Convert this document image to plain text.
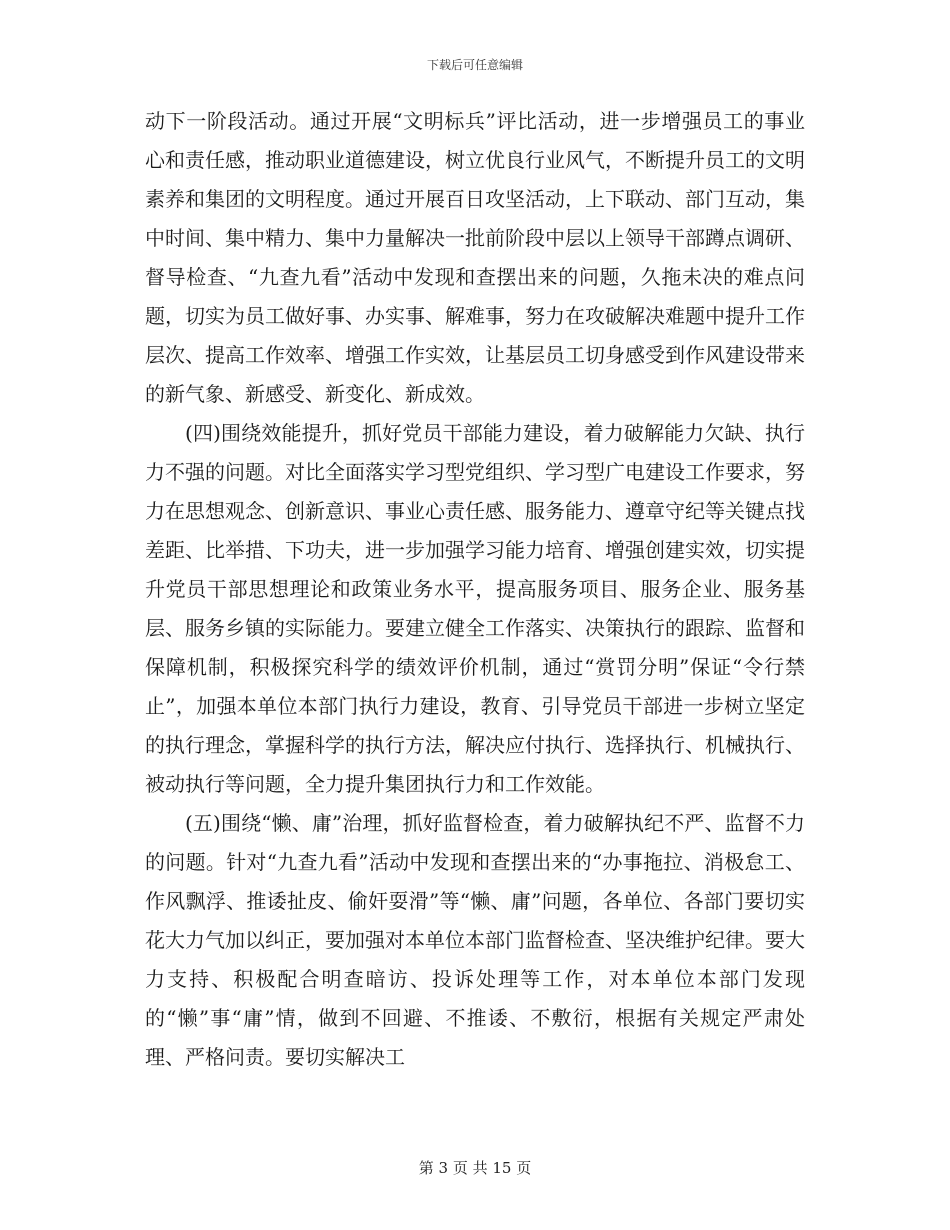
下载后可任意编辑

动下一阶段活动。通过开展“文明标兵”评比活动，进一步增强员工的事业心和责任感，推动职业道德建设，树立优良行业风气，不断提升员工的文明素养和集团的文明程度。通过开展百日攻坚活动，上下联动、部门互动，集中时间、集中精力、集中力量解决一批前阶段中层以上领导干部蹲点调研、督导检查、“九查九看”活动中发现和查摆出来的问题，久拖未决的难点问题，切实为员工做好事、办实事、解难事，努力在攻破解决难题中提升工作层次、提高工作效率、增强工作实效，让基层员工切身感受到作风建设带来的新气象、新感受、新变化、新成效。

(四)围绕效能提升，抓好党员干部能力建设，着力破解能力欠缺、执行力不强的问题。对比全面落实学习型党组织、学习型广电建设工作要求，努力在思想观念、创新意识、事业心责任感、服务能力、遵章守纪等关键点找差距、比举措、下功夫，进一步加强学习能力培育、增强创建实效，切实提升党员干部思想理论和政策业务水平，提高服务项目、服务企业、服务基层、服务乡镇的实际能力。要建立健全工作落实、决策执行的跟踪、监督和保障机制，积极探究科学的绩效评价机制，通过“赏罚分明”保证“令行禁止”，加强本单位本部门执行力建设，教育、引导党员干部进一步树立坚定的执行理念，掌握科学的执行方法，解决应付执行、选择执行、机械执行、被动执行等问题，全力提升集团执行力和工作效能。

(五)围绕“懒、庸”治理，抓好监督检查，着力破解执纪不严、监督不力的问题。针对“九查九看”活动中发现和查摆出来的“办事拖拉、消极怠工、作风飘浮、推诿扯皮、偷奸耍滑”等“懒、庸”问题，各单位、各部门要切实花大力气加以纠正，要加强对本单位本部门监督检查、坚决维护纪律。要大力支持、积极配合明查暗访、投诉处理等工作，对本单位本部门发现的“懒”事“庸”情，做到不回避、不推诿、不敷衍，根据有关规定严肃处理、严格问责。要切实解决工

第 3 页 共 15 页
